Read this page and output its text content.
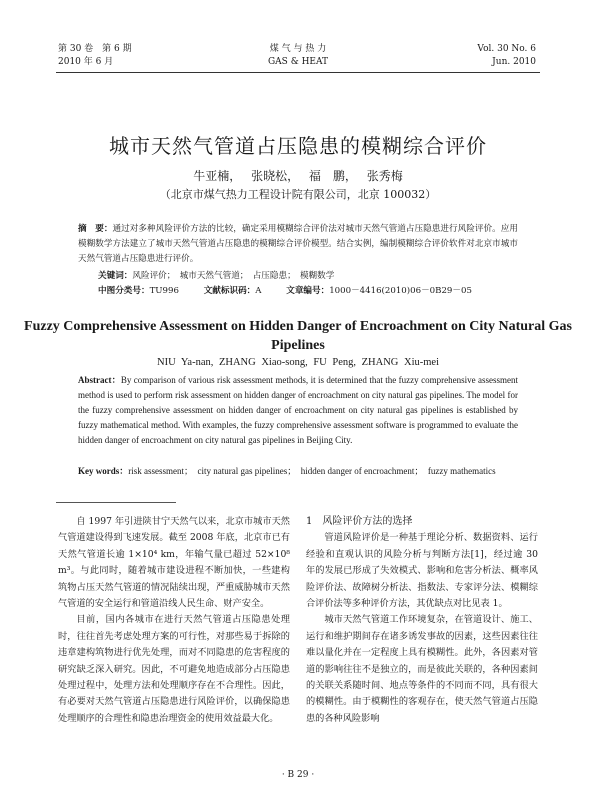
第 30 卷　第 6 期
2010 年 6 月
煤 气 与 热 力
GAS & HEAT
Vol. 30 No. 6
Jun. 2010
城市天然气管道占压隐患的模糊综合评价
牛亚楠， 张晓松， 福　鹏， 张秀梅
（北京市煤气热力工程设计院有限公司，北京 100032）
摘　要：通过对多种风险评价方法的比较，确定采用模糊综合评价法对城市天然气管道占压隐患进行风险评价。应用模糊数学方法建立了城市天然气管道占压隐患的模糊综合评价模型。结合实例，编制模糊综合评价软件对北京市城市天然气管道占压隐患进行评价。
关键词：风险评价；　城市天然气管道；　占压隐患；　模糊数学
中图分类号：TU996	文献标识码：A	文章编号：1000－4416(2010)06－0B29－05
Fuzzy Comprehensive Assessment on Hidden Danger of Encroachment on City Natural Gas Pipelines
NIU Ya-nan, ZHANG Xiao-song, FU Peng, ZHANG Xiu-mei
Abstract：By comparison of various risk assessment methods, it is determined that the fuzzy comprehensive assessment method is used to perform risk assessment on hidden danger of encroachment on city natural gas pipelines. The model for the fuzzy comprehensive assessment on hidden danger of encroachment on city natural gas pipelines is established by fuzzy mathematical method. With examples, the fuzzy comprehensive assessment software is programmed to evaluate the hidden danger of encroachment on city natural gas pipelines in Beijing City.
Key words：risk assessment；　city natural gas pipelines；　hidden danger of encroachment；　fuzzy mathematics

自 1997 年引进陕甘宁天然气以来，北京市城市天然气管道建设得到飞速发展。截至 2008 年底，北京市已有天然气管道长逾 1×10⁴ km，年输气量已超过 52×10⁸ m³。与此同时，随着城市建设进程不断加快，一些建构筑物占压天然气管道的情况陆续出现，严重威胁城市天然气管道的安全运行和管道沿线人民生命、财产安全。

目前，国内各城市在进行天然气管道占压隐患处理时，往往首先考虑处理方案的可行性，对那些易于拆除的违章建构筑物进行优先处理，而对不同隐患的危害程度的研究缺乏深入研究。因此，不可避免地造成部分占压隐患处理过程中，处理方法和处理顺序存在不合理性。因此，有必要对天然气管道占压隐患进行风险评价，以确保隐患处理顺序的合理性和隐患治理资金的使用效益最大化。

1　风险评价方法的选择

管道风险评价是一种基于理论分析、数据资料、运行经验和直观认识的风险分析与判断方法[1]，经过逾 30 年的发展已形成了失效模式、影响和危害分析法、概率风险评价法、故障树分析法、指数法、专家评分法、模糊综合评价法等多种评价方法，其优缺点对比见表 1。

城市天然气管道工作环境复杂，在管道设计、施工、运行和维护期间存在诸多诱发事故的因素，这些因素往往难以量化并在一定程度上具有模糊性。此外，各因素对管道的影响往往不是独立的，而是彼此关联的，各种因素间的关联关系随时间、地点等条件的不同而不同，具有很大的模糊性。由于模糊性的客观存在，使天然气管道占压隐患的各种风险影响

· B 29 ·
